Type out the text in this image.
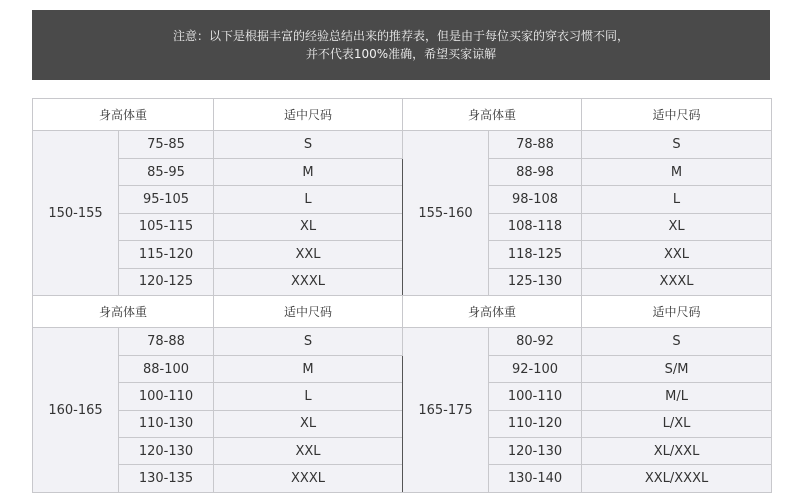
注意：以下是根据丰富的经验总结出来的推荐表，但是由于每位买家的穿衣习惯不同，
并不代表100%准确，希望买家谅解
身高体重		适中尺码	身高体重		适中尺码
150-155	75-85	S	155-160	78-88	S
	85-95	M		88-98	M
	95-105	L		98-108	L
	105-115	XL		108-118	XL
	115-120	XXL		118-125	XXL
	120-125	XXXL		125-130	XXXL
身高体重		适中尺码	身高体重		适中尺码
160-165	78-88	S	165-175	80-92	S
	88-100	M		92-100	S/M
	100-110	L		100-110	M/L
	110-130	XL		110-120	L/XL
	120-130	XXL		120-130	XL/XXL
	130-135	XXXL		130-140	XXL/XXXL
